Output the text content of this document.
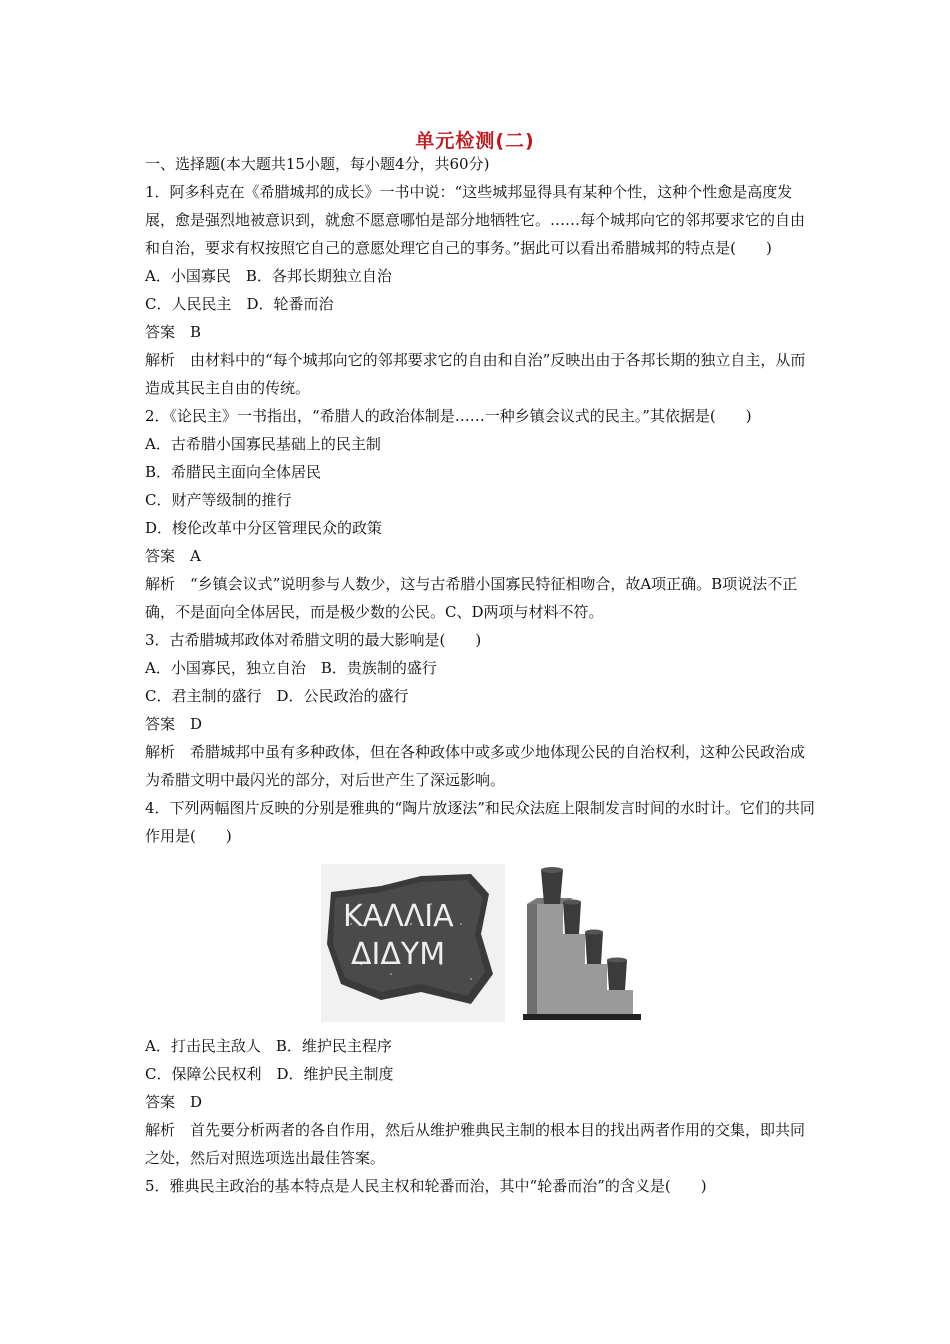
单元检测(二)

一、选择题(本大题共15小题，每小题4分，共60分)

1．阿多科克在《希腊城邦的成长》一书中说：“这些城邦显得具有某种个性，这种个性愈是高度发展，愈是强烈地被意识到，就愈不愿意哪怕是部分地牺牲它。……每个城邦向它的邻邦要求它的自由和自治，要求有权按照它自己的意愿处理它自己的事务。”据此可以看出希腊城邦的特点是(　　)

A．小国寡民　B．各邦长期独立自治

C．人民民主　D．轮番而治

答案　B

解析　由材料中的“每个城邦向它的邻邦要求它的自由和自治”反映出由于各邦长期的独立自主，从而造成其民主自由的传统。

2．《论民主》一书指出，“希腊人的政治体制是……一种乡镇会议式的民主。”其依据是(　　)

A．古希腊小国寡民基础上的民主制

B．希腊民主面向全体居民

C．财产等级制的推行

D．梭伦改革中分区管理民众的政策

答案　A

解析　“乡镇会议式”说明参与人数少，这与古希腊小国寡民特征相吻合，故A项正确。B项说法不正确，不是面向全体居民，而是极少数的公民。C、D两项与材料不符。

3．古希腊城邦政体对希腊文明的最大影响是(　　)

A．小国寡民，独立自治　B．贵族制的盛行

C．君主制的盛行　D．公民政治的盛行

答案　D

解析　希腊城邦中虽有多种政体，但在各种政体中或多或少地体现公民的自治权利，这种公民政治成为希腊文明中最闪光的部分，对后世产生了深远影响。

4．下列两幅图片反映的分别是雅典的“陶片放逐法”和民众法庭上限制发言时间的水时计。它们的共同作用是(　　)

ΚΑΛΛΙΑ
ΔΙΔΥΜ

A．打击民主敌人　B．维护民主程序

C．保障公民权利　D．维护民主制度

答案　D

解析　首先要分析两者的各自作用，然后从维护雅典民主制的根本目的找出两者作用的交集，即共同之处，然后对照选项选出最佳答案。

5．雅典民主政治的基本特点是人民主权和轮番而治，其中“轮番而治”的含义是(　　)
